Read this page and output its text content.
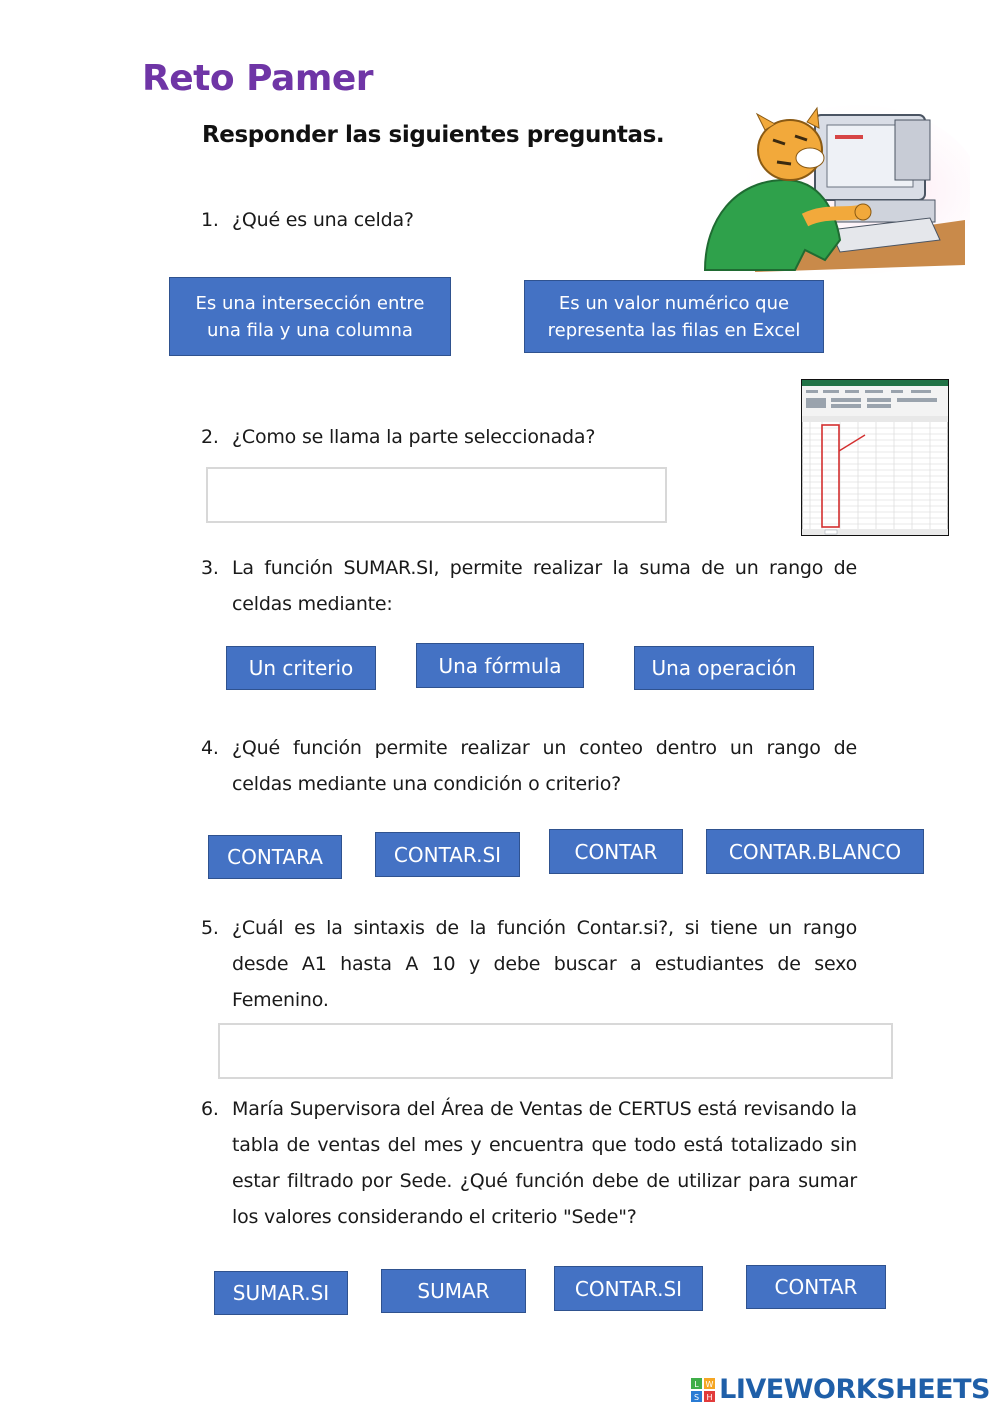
Reto Pamer
Responder las siguientes preguntas.
1. ¿Qué es una celda?
Es una intersección entre una fila y una columna
Es un valor numérico que representa las filas en Excel
2. ¿Como se llama la parte seleccionada?
3. La función SUMAR.SI, permite realizar la suma de un rango de celdas mediante:
Un criterio	Una fórmula	Una operación
4. ¿Qué función permite realizar un conteo dentro un rango de celdas mediante una condición o criterio?
CONTARA	CONTAR.SI	CONTAR	CONTAR.BLANCO
5. ¿Cuál es la sintaxis de la función Contar.si?, si tiene un rango desde A1 hasta A 10 y debe buscar a estudiantes de sexo Femenino.
6. María Supervisora del Área de Ventas de CERTUS está revisando la tabla de ventas del mes y encuentra que todo está totalizado sin estar filtrado por Sede. ¿Qué función debe de utilizar para sumar los valores considerando el criterio "Sede"?
SUMAR.SI	SUMAR	CONTAR.SI	CONTAR
L W
S H LIVEWORKSHEETS
